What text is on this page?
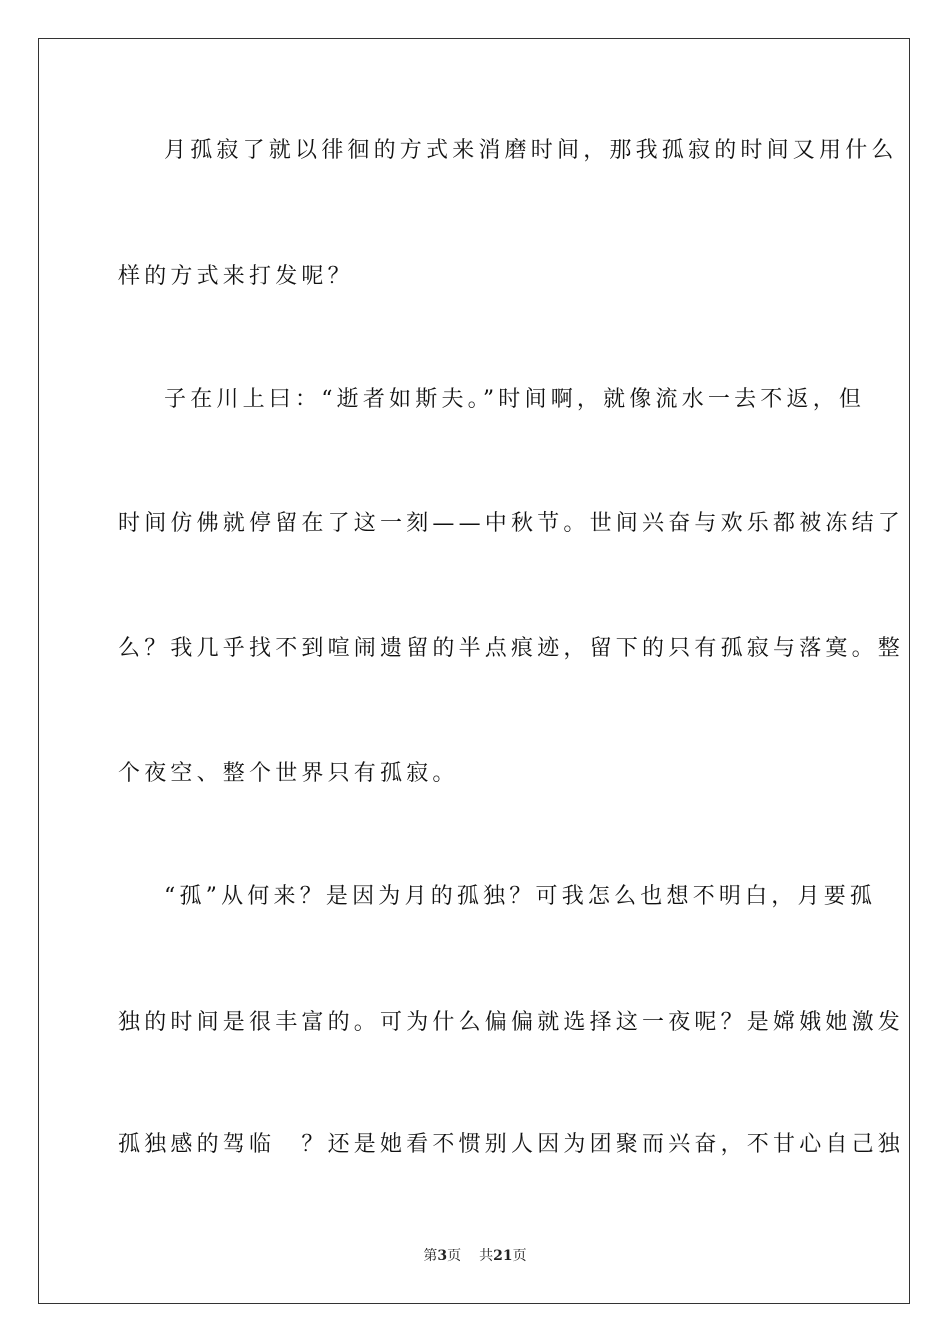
月孤寂了就以徘徊的方式来消磨时间，那我孤寂的时间又用什么
样的方式来打发呢？
子在川上曰：“逝者如斯夫。”时间啊，就像流水一去不返，但
时间仿佛就停留在了这一刻——中秋节。世间兴奋与欢乐都被冻结了
么？我几乎找不到喧闹遗留的半点痕迹，留下的只有孤寂与落寞。整
个夜空、整个世界只有孤寂。
“孤”从何来？是因为月的孤独？可我怎么也想不明白，月要孤
独的时间是很丰富的。可为什么偏偏就选择这一夜呢？是嫦娥她激发
孤独感的驾临　？还是她看不惯别人因为团聚而兴奋，不甘心自己独
第3页 共21页
